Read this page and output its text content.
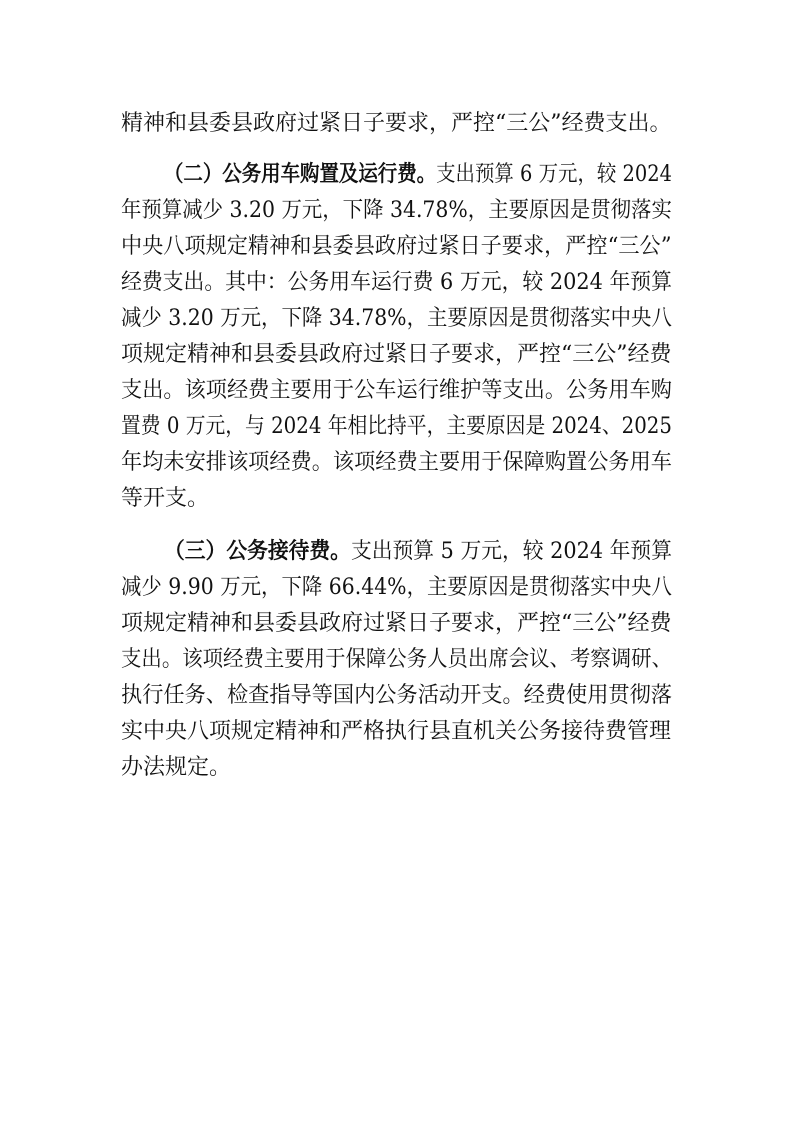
精神和县委县政府过紧日子要求，严控“三公”经费支出。
（二）公务用车购置及运行费。支出预算 6 万元，较 2024
年预算减少 3.20 万元，下降 34.78%，主要原因是贯彻落实
中央八项规定精神和县委县政府过紧日子要求，严控“三公”
经费支出。其中：公务用车运行费 6 万元，较 2024 年预算
减少 3.20 万元，下降 34.78%，主要原因是贯彻落实中央八
项规定精神和县委县政府过紧日子要求，严控“三公”经费
支出。该项经费主要用于公车运行维护等支出。公务用车购
置费 0 万元，与 2024 年相比持平，主要原因是 2024、2025
年均未安排该项经费。该项经费主要用于保障购置公务用车
等开支。
（三）公务接待费。支出预算 5 万元，较 2024 年预算
减少 9.90 万元，下降 66.44%，主要原因是贯彻落实中央八
项规定精神和县委县政府过紧日子要求，严控“三公”经费
支出。该项经费主要用于保障公务人员出席会议、考察调研、
执行任务、检查指导等国内公务活动开支。经费使用贯彻落
实中央八项规定精神和严格执行县直机关公务接待费管理
办法规定。
